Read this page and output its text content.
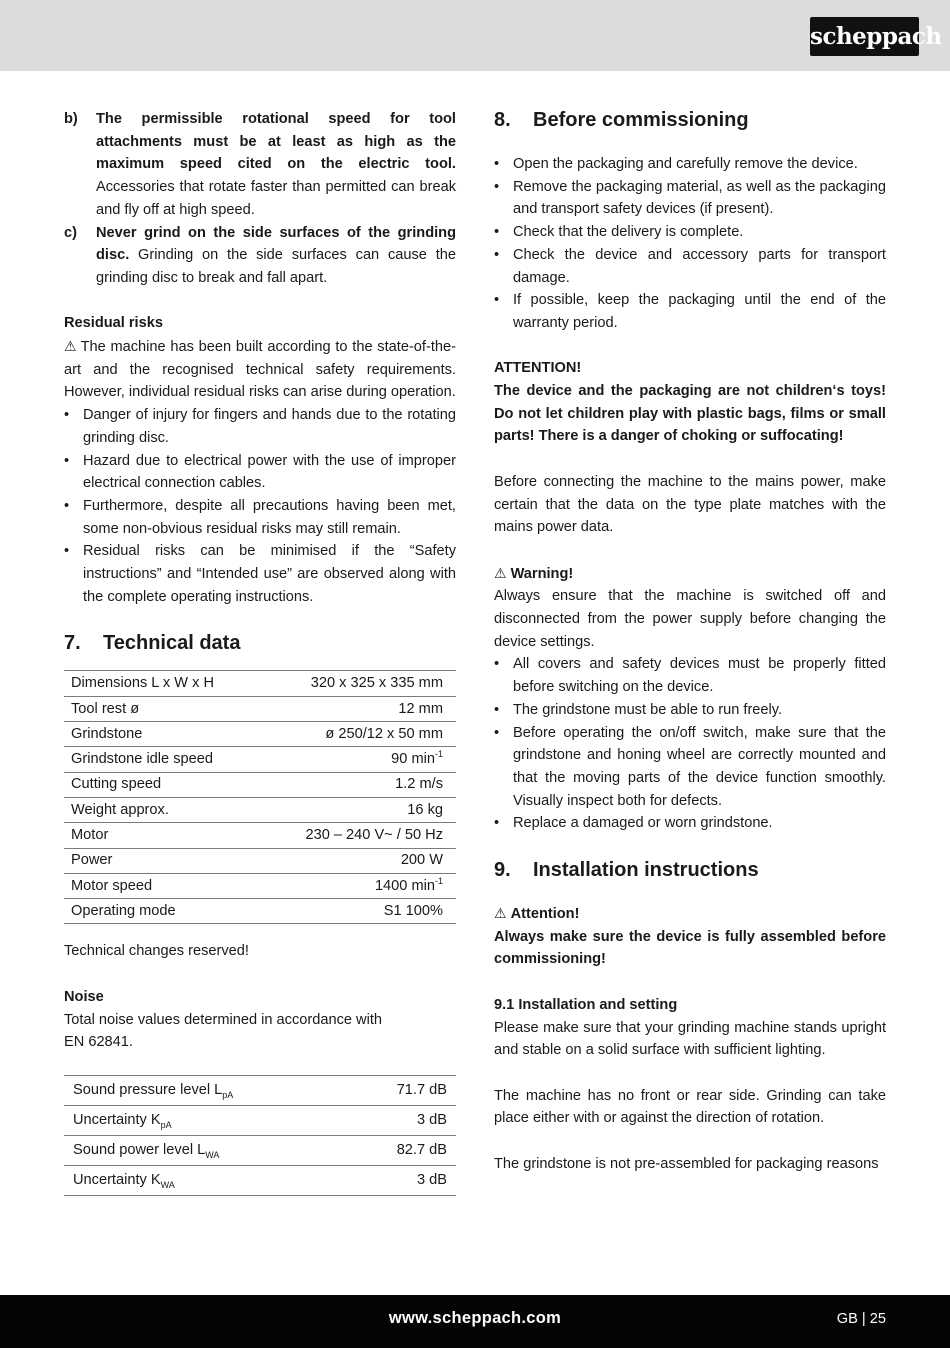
scheppach
b)	The permissible rotational speed for tool attachments must be at least as high as the maximum speed cited on the electric tool. Accessories that rotate faster than permitted can break and fly off at high speed.
c)	Never grind on the side surfaces of the grinding disc. Grinding on the side surfaces can cause the grinding disc to break and fall apart.

Residual risks

⚠ The machine has been built according to the state-of-the-art and the recognised technical safety requirements. However, individual residual risks can arise during operation.

• Danger of injury for fingers and hands due to the rotating grinding disc.
• Hazard due to electrical power with the use of improper electrical connection cables.
• Furthermore, despite all precautions having been met, some non-obvious residual risks may still remain.
• Residual risks can be minimised if the “Safety instructions” and “Intended use” are observed along with the complete operating instructions.
7.	Technical data
Dimensions L x W x H	320 x 325 x 335 mm
Tool rest ø	12 mm
Grindstone	ø 250/12 x 50 mm
Grindstone idle speed	90 $\min^{-1}$
Cutting speed	1.2 m/s
Weight approx.	16 kg
Motor	230 – 240 V~ / 50 Hz
Power	200 W
Motor speed	1400 $\min^{-1}$
Operating mode	S1 100%

Technical changes reserved!

Noise

Total noise values determined in accordance with

EN 62841.

Sound pressure level $L_{pA}$	71.7 dB
Uncertainty $K_{pA}$	3 dB
Sound power level $L_{WA}$	82.7 dB
Uncertainty $K_{WA}$	3 dB
8.	Before commissioning
• Open the packaging and carefully remove the device.
• Remove the packaging material, as well as the packaging and transport safety devices (if present).
• Check that the delivery is complete.
• Check the device and accessory parts for transport damage.
• If possible, keep the packaging until the end of the warranty period.

ATTENTION!

The device and the packaging are not children‘s toys! Do not let children play with plastic bags, films or small parts! There is a danger of choking or suffocating!

Before connecting the machine to the mains power, make certain that the data on the type plate matches with the mains power data.

⚠ Warning!

Always ensure that the machine is switched off and disconnected from the power supply before changing the device settings.

• All covers and safety devices must be properly fitted before switching on the device.
• The grindstone must be able to run freely.
• Before operating the on/off switch, make sure that the grindstone and honing wheel are correctly mounted and that the moving parts of the device function smoothly. Visually inspect both for defects.
• Replace a damaged or worn grindstone.
9.	Installation instructions

⚠ Attention!

Always make sure the device is fully assembled before commissioning!

9.1 Installation and setting

Please make sure that your grinding machine stands upright and stable on a solid surface with sufficient lighting.

The machine has no front or rear side. Grinding can take place either with or against the direction of rotation.

The grindstone is not pre-assembled for packaging reasons

www.scheppach.com	GB | 25
